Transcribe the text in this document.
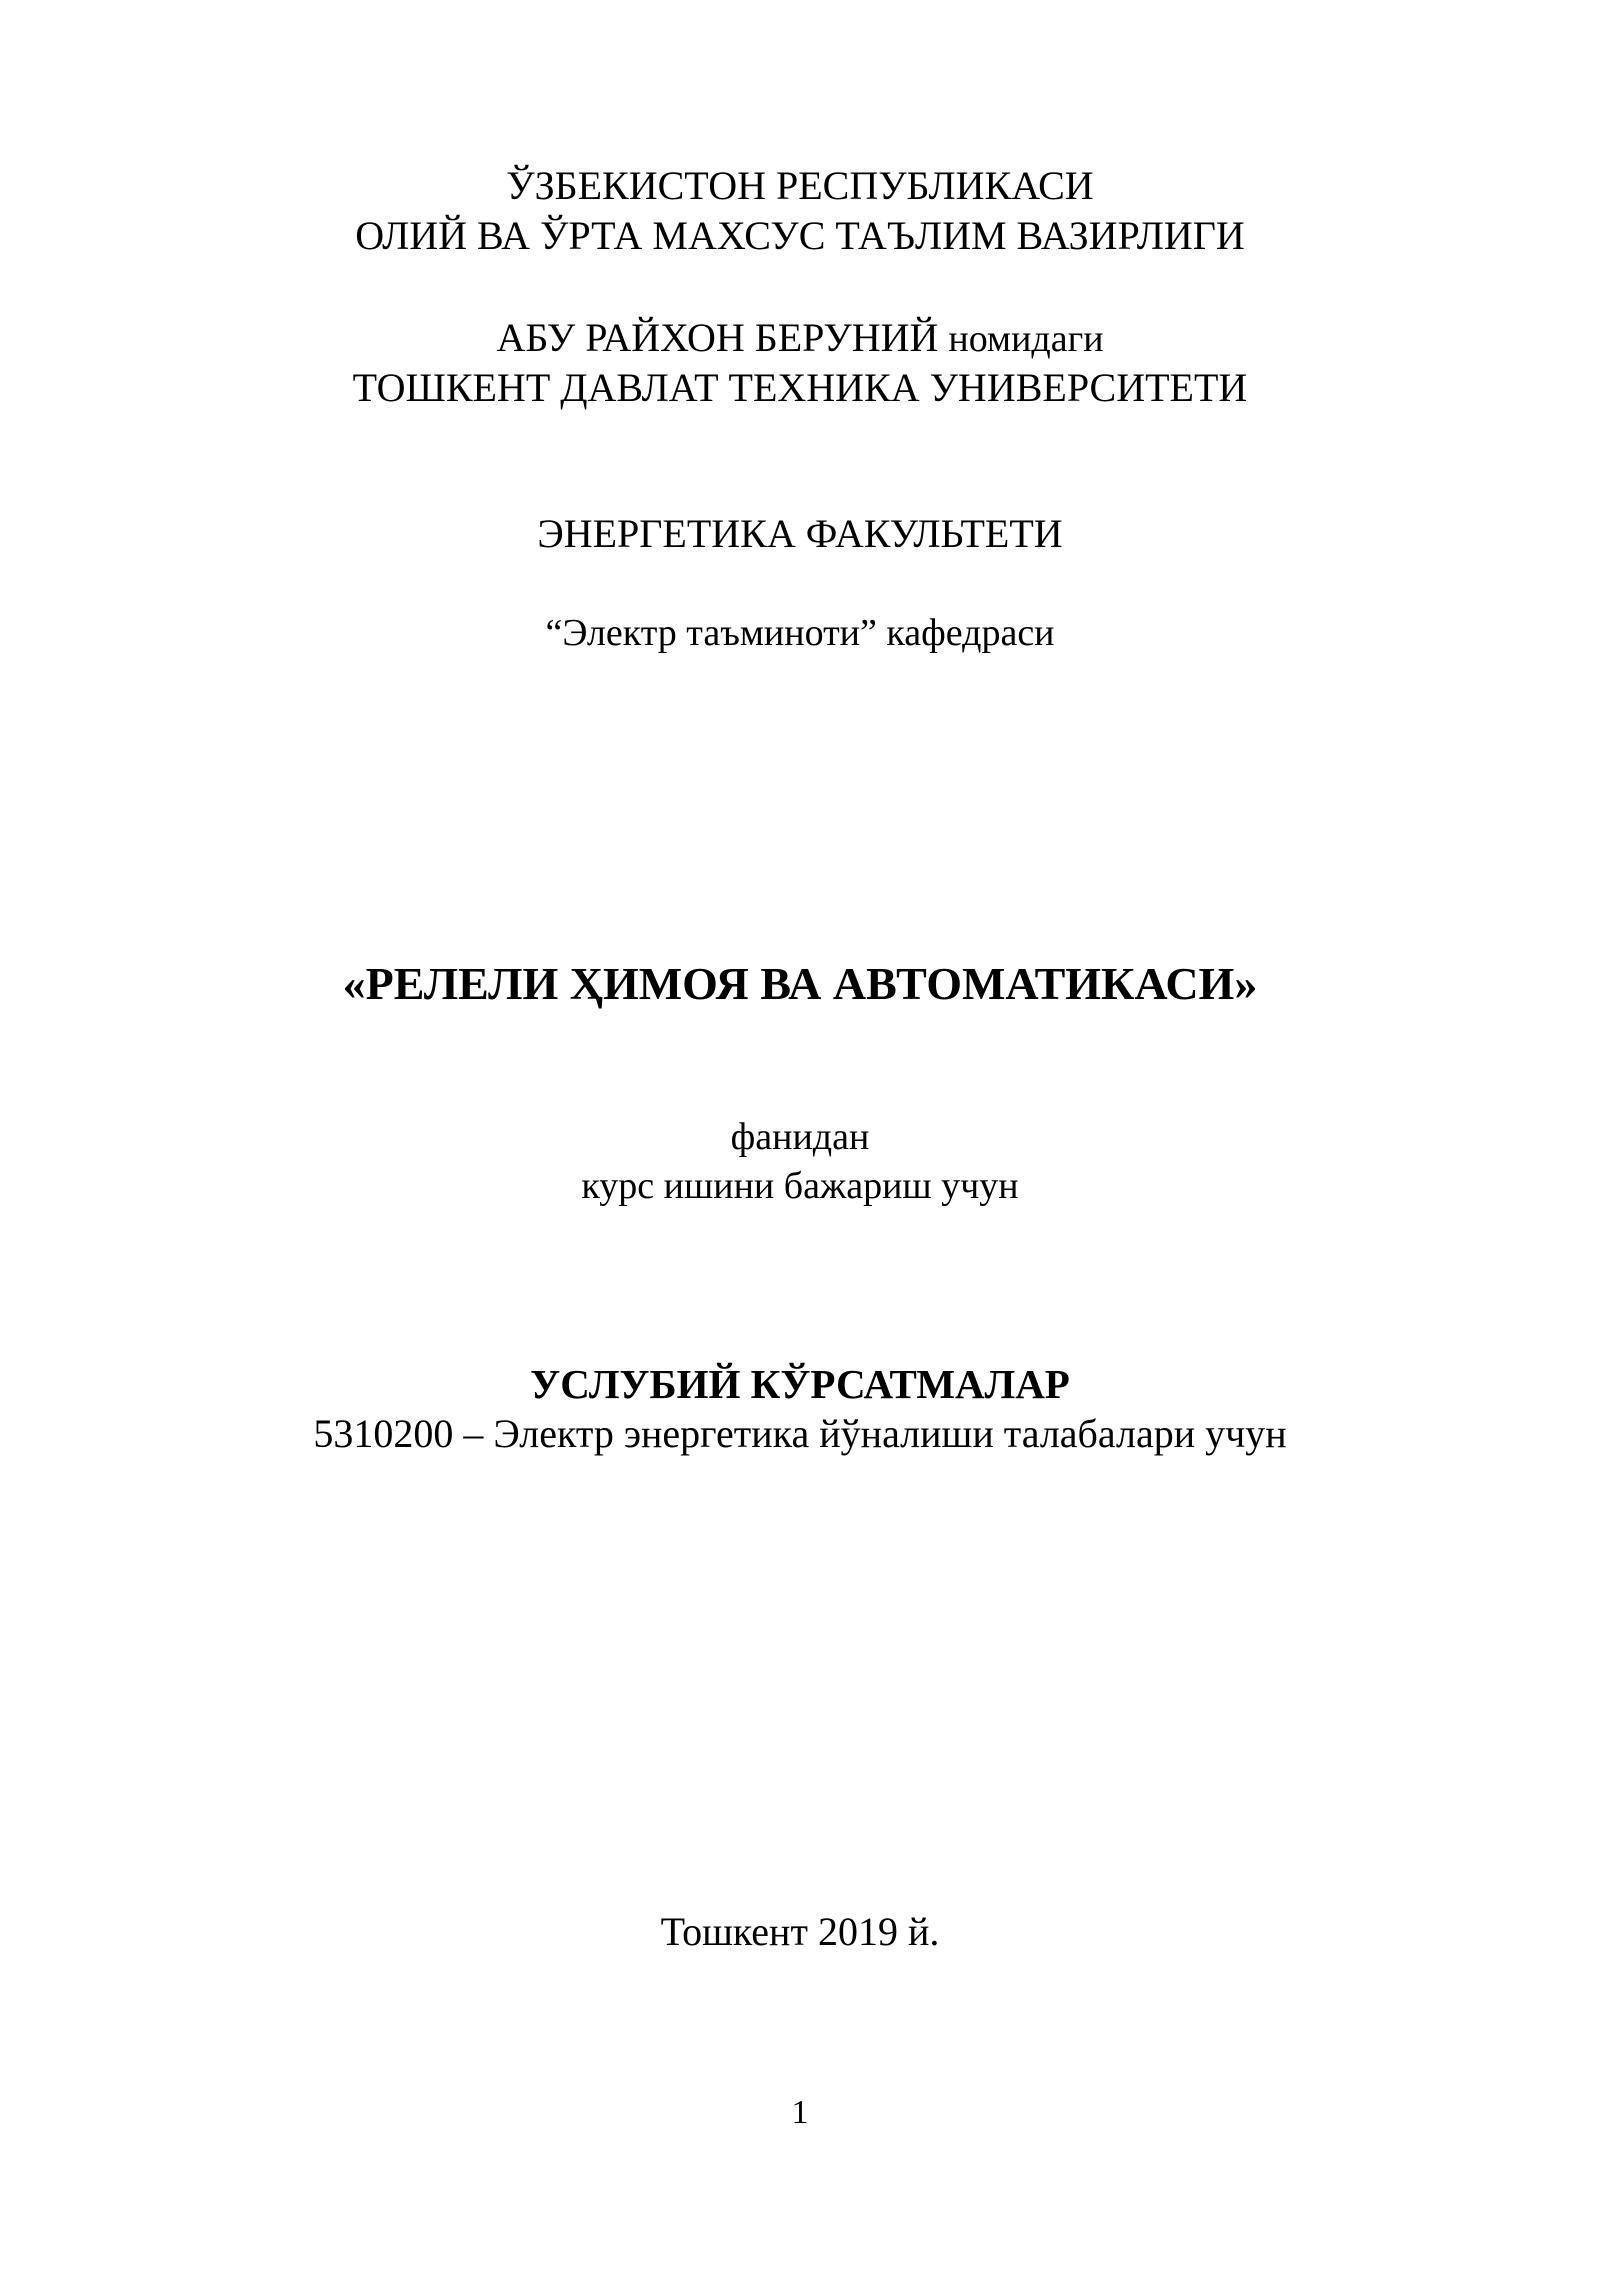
ЎЗБЕКИСТОН РЕСПУБЛИКАСИ
ОЛИЙ ВА ЎРТА МАХСУС ТАЪЛИМ ВАЗИРЛИГИ
АБУ РАЙХОН БЕРУНИЙ номидаги
ТОШКЕНТ ДАВЛАТ ТЕХНИКА УНИВЕРСИТЕТИ
ЭНЕРГЕТИКА ФАКУЛЬТЕТИ
“Электр таъминоти” кафедраси
«РЕЛЕЛИ ҲИМОЯ ВА АВТОМАТИКАСИ»
фанидан
курс ишини бажариш учун
УСЛУБИЙ КЎРСАТМАЛАР
5310200 – Электр энергетика йўналиши талабалари учун
Тошкент 2019 й.
1
